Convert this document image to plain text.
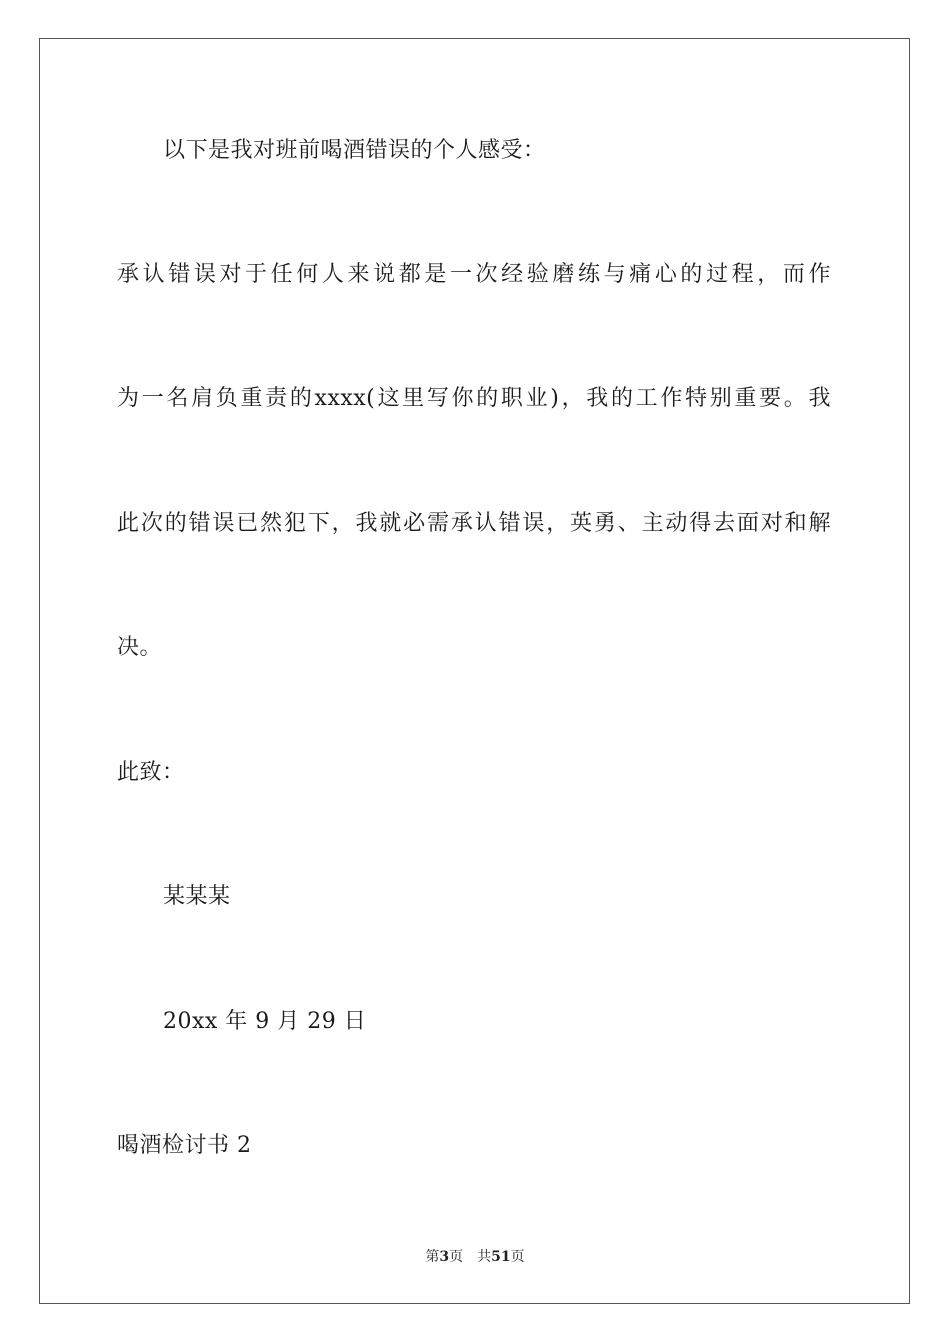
以下是我对班前喝酒错误的个人感受：
承认错误对于任何人来说都是一次经验磨练与痛心的过程，而作
为一名肩负重责的xxxx(这里写你的职业)，我的工作特别重要。我
此次的错误已然犯下，我就必需承认错误，英勇、主动得去面对和解
决。
此致：
某某某
20xx 年 9 月 29 日
喝酒检讨书 2
第3页 共51页
